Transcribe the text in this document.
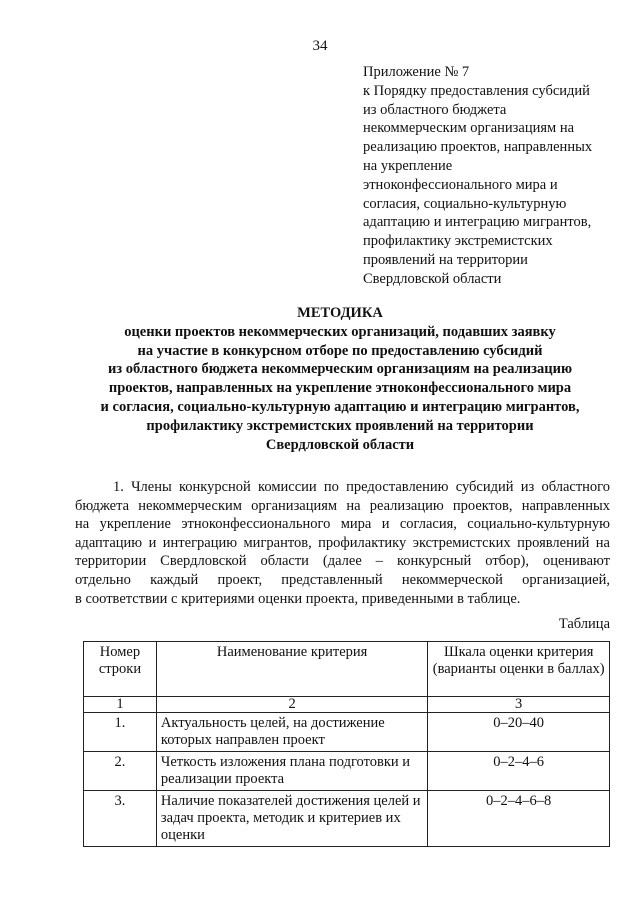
34
Приложение № 7
к Порядку предоставления субсидий
из областного бюджета
некоммерческим организациям на
реализацию проектов, направленных
на укрепление
этноконфессионального мира и
согласия, социально-культурную
адаптацию и интеграцию мигрантов,
профилактику экстремистских
проявлений на территории
Свердловской области
МЕТОДИКА
оценки проектов некоммерческих организаций, подавших заявку
на участие в конкурсном отборе по предоставлению субсидий
из областного бюджета некоммерческим организациям на реализацию
проектов, направленных на укрепление этноконфессионального мира
и согласия, социально-культурную адаптацию и интеграцию мигрантов,
профилактику экстремистских проявлений на территории
Свердловской области
1. Члены конкурсной комиссии по предоставлению субсидий из областного
бюджета некоммерческим организациям на реализацию проектов, направленных
на укрепление этноконфессионального мира и согласия, социально-культурную
адаптацию и интеграцию мигрантов, профилактику экстремистских проявлений на
территории Свердловской области (далее – конкурсный отбор), оценивают
отдельно каждый проект, представленный некоммерческой организацией,
в соответствии с критериями оценки проекта, приведенными в таблице.
Таблица
Номер строки	Наименование критерия	Шкала оценки критерия (варианты оценки в баллах)
1	2	3
1.	Актуальность целей, на достижение которых направлен проект	0–20–40
2.	Четкость изложения плана подготовки и реализации проекта	0–2–4–6
3.	Наличие показателей достижения целей и задач проекта, методик и критериев их оценки	0–2–4–6–8
